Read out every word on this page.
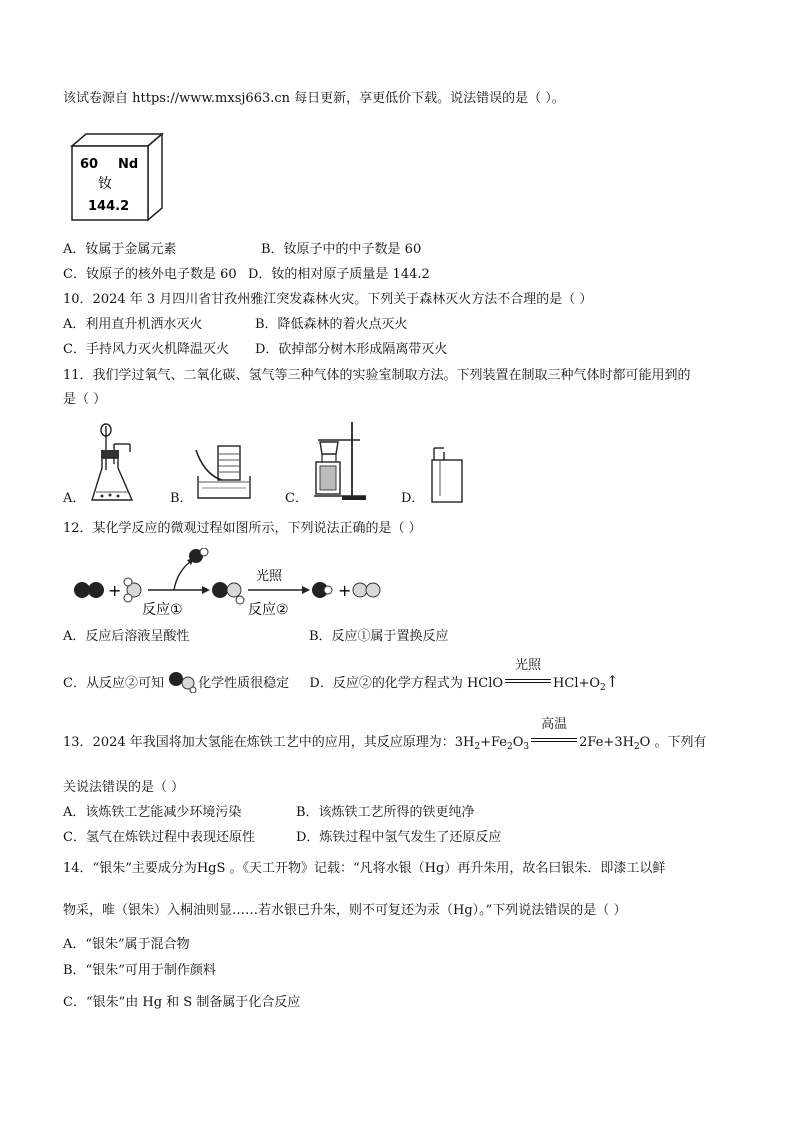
该试卷源自 https://www.mxsj663.cn 每日更新，享更低价下载。说法错误的是（ ）。
60 Nd
钕
144.2
A．钕属于金属元素	B．钕原子中的中子数是 60
C．钕原子的核外电子数是 60 D．钕的相对原子质量是 144.2
10．2024 年 3 月四川省甘孜州雅江突发森林火灾。下列关于森林灭火方法不合理的是（ ）
A．利用直升机洒水灭火	B．降低森林的着火点灭火
C．手持风力灭火机降温灭火 D．砍掉部分树木形成隔离带灭火
11．我们学过氧气、二氧化碳、氢气等三种气体的实验室制取方法。下列装置在制取三种气体时都可能用到的
是（ ）
A．	B．	C．	D．
12．某化学反应的微观过程如图所示，下列说法正确的是（ ）
+	+
反应①
光照
反应②
A．反应后溶液呈酸性	B．反应①属于置换反应
C．从反应②可知	化学性质很稳定 D．反应②的化学方程式为 HClO
光照
$HCl+O_2↑$
13．2024 年我国将加大氢能在炼铁工艺中的应用，其反应原理为：$3H_2+Fe_2O_3$
高温
$2Fe+3H_2O$ 。下列有
关说法错误的是（ ）
A．该炼铁工艺能减少环境污染	B．该炼铁工艺所得的铁更纯净
C．氢气在炼铁过程中表现还原性	D．炼铁过程中氢气发生了还原反应
14．“银朱”主要成分为HgS 。《天工开物》记载：“凡将水银（Hg）再升朱用，故名曰银朱．即漆工以鲜
物采，唯（银朱）入桐油则显……若水银已升朱，则不可复还为汞（Hg）。”下列说法错误的是（ ）
A．“银朱”属于混合物
B．“银朱”可用于制作颜料
C．“银朱”由 Hg 和 S 制备属于化合反应
